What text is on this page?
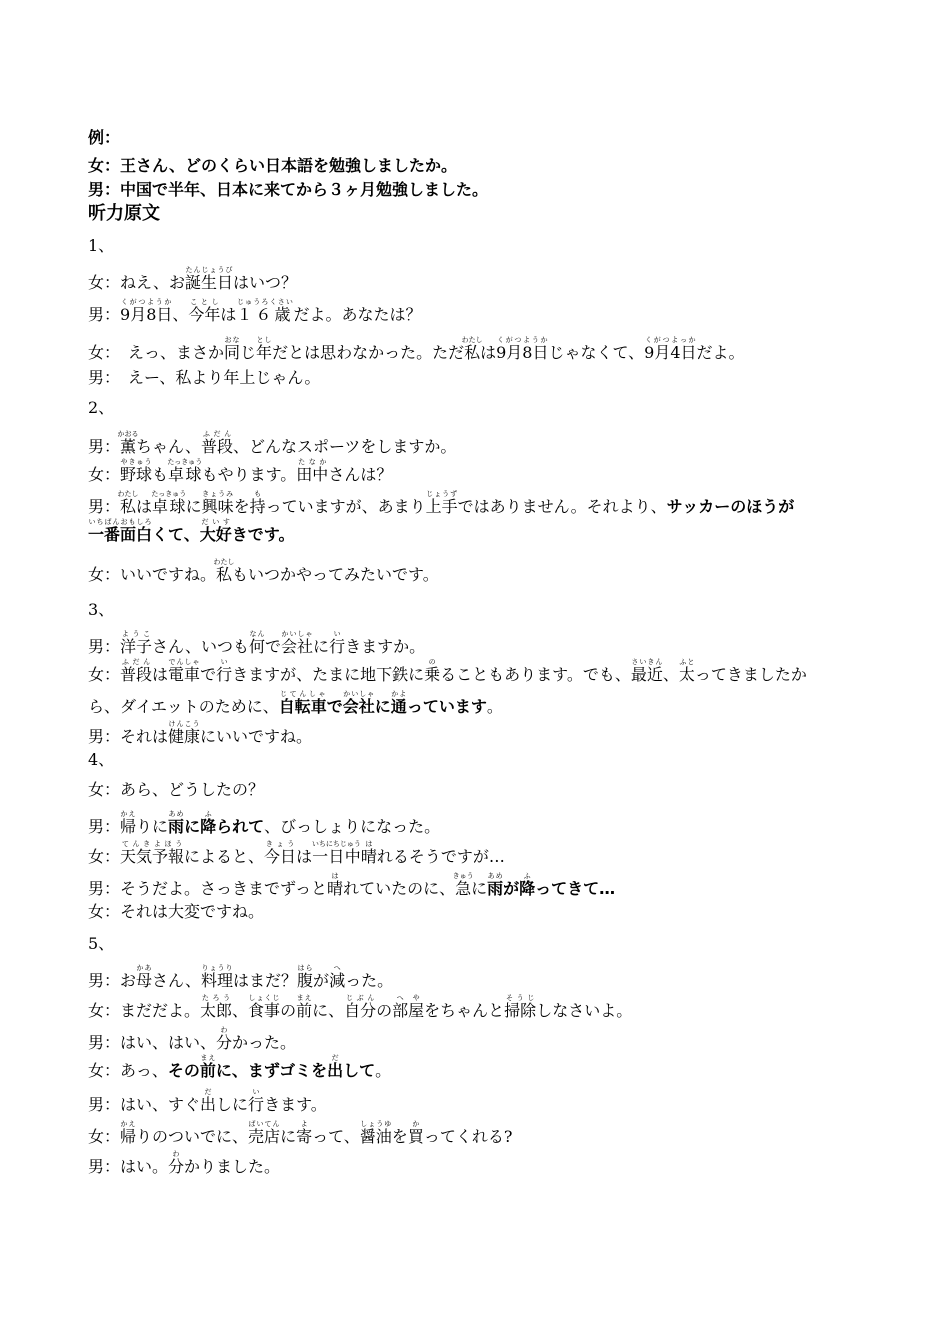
例：
女：王さん、どのくらい日本語を勉強しましたか。
男：中国で半年、日本に来てから３ヶ月勉強しました。
听力原文
1、
女：ねえ、お誕生日たんじょうびはいつ？
男：9月8日くがつようか、今年ことしは１６歳じゅうろくさいだよ。あなたは？
女：　えっ、まさか同おなじ年としだとは思わなかった。ただ私わたしは9月8日くがつようかじゃなくて、9月4日くがつよっかだよ。
男：　えー、私より年上じゃん。
2、
男：薫かおるちゃん、普段ふだん、どんなスポーツをしますか。
女：野球やきゅうも卓球たっきゅうもやります。田中たなかさんは？
男：私わたしは卓球たっきゅうに興味きょうみを持もっていますが、あまり上手じょうずではありません。それより、サッカーのほうが
一番面白いちばんおもしろくて、大好だいすきです。
女：いいですね。私わたしもいつかやってみたいです。
3、
男：洋子ようこさん、いつも何なんで会社かいしゃに行いきますか。
女：普段ふだんは電車でんしゃで行いきますが、たまに地下鉄に乗のることもあります。でも、最近さいきん、太ふとってきましたか
ら、ダイエットのために、自転車じてんしゃで会社かいしゃに通かよっています。
男：それは健康けんこうにいいですね。
4、
女：あら、どうしたの？
男：帰かえりに雨あめに降ふられて、びっしょりになった。
女：天気予報てんきよほうによると、今日きょうは一日中いちにちじゅう晴はれるそうですが…
男：そうだよ。さっきまでずっと晴はれていたのに、急きゅうに雨あめが降ふってきて…
女：それは大変ですね。
5、
男：お母かあさん、料理りょうりはまだ？腹はらが減へった。
女：まだだよ。太郎たろう、食事しょくじの前まえに、自分じぶんの部屋へやをちゃんと掃除そうじしなさいよ。
男：はい、はい、分わかった。
女：あっ、その前まえに、まずゴミを出だして。
男：はい、すぐ出だしに行いきます。
女：帰かえりのついでに、売店ばいてんに寄よって、醤油しょうゆを買かってくれる?
男：はい。分わかりました。
